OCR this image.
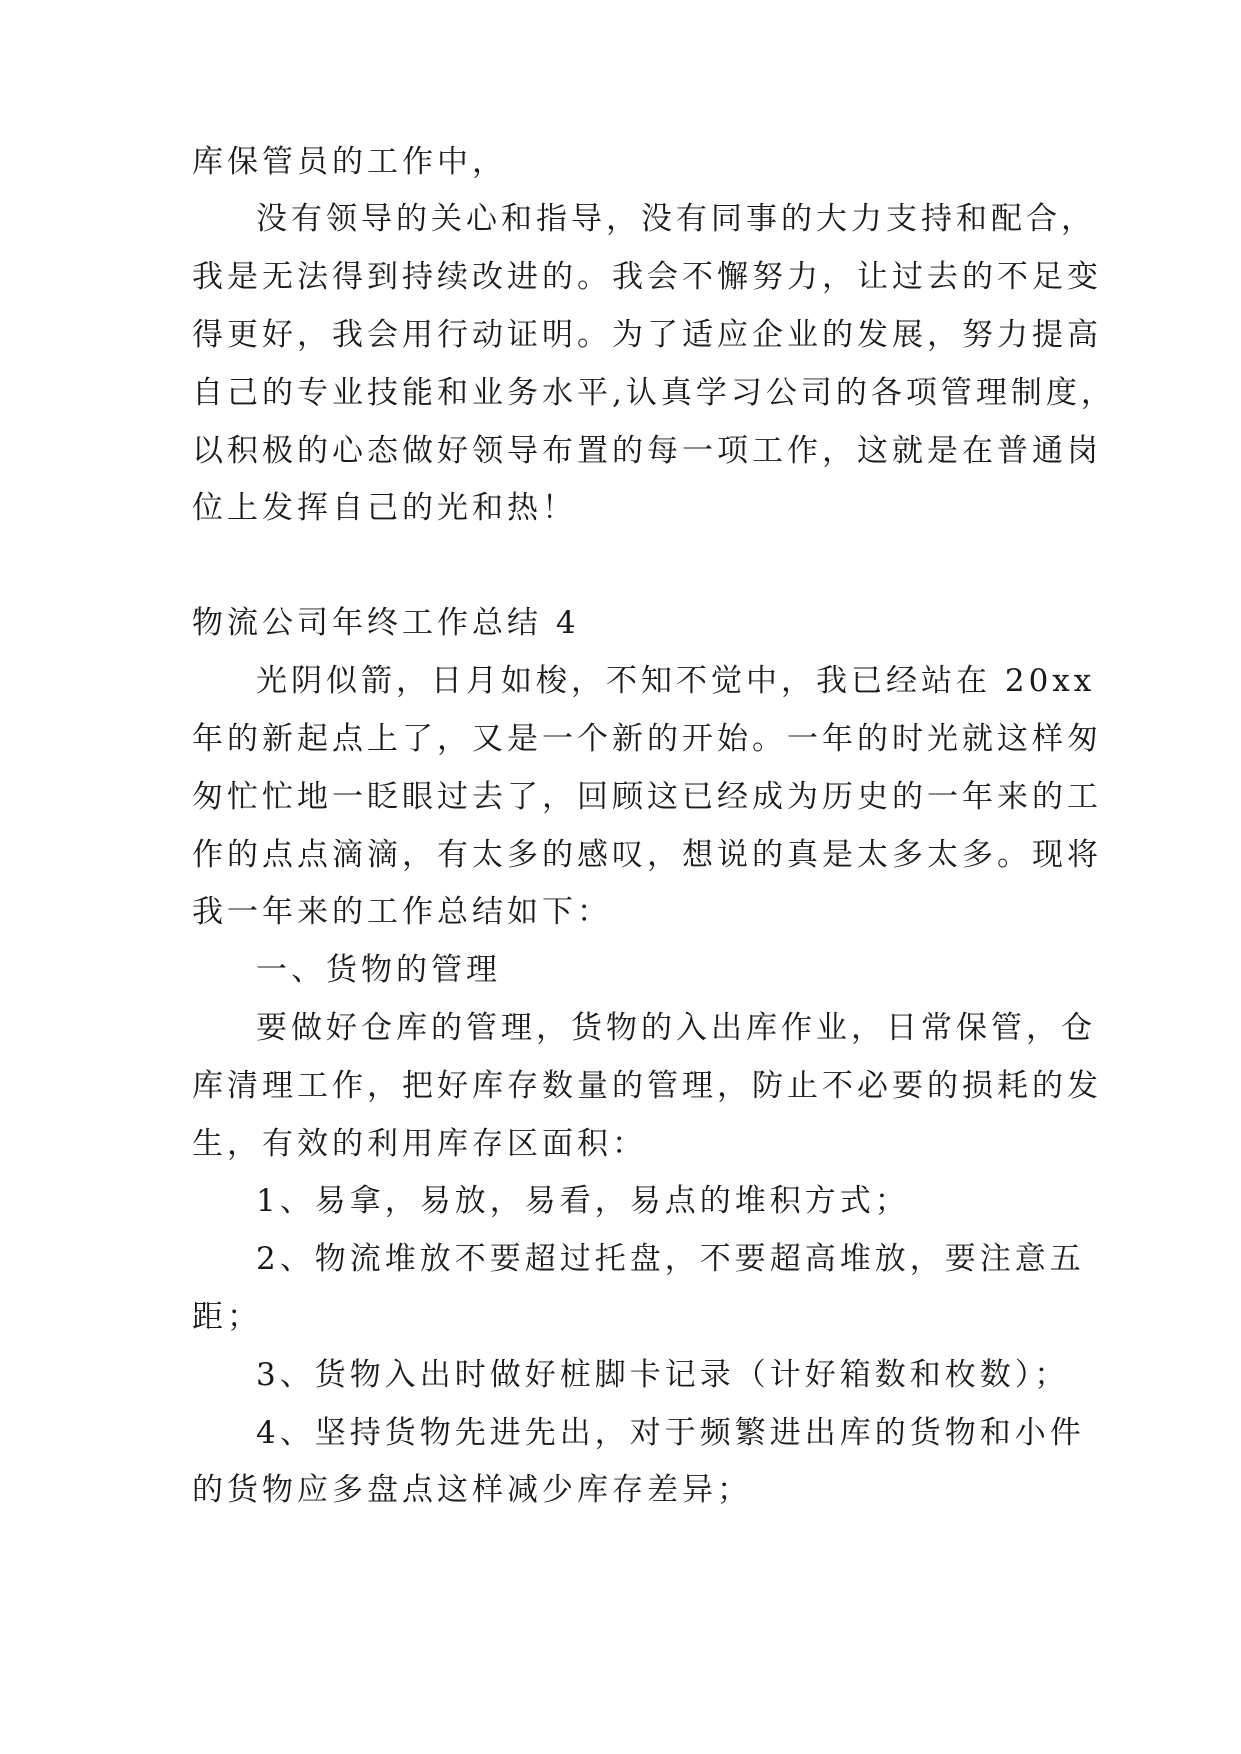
库保管员的工作中，
没有领导的关心和指导，没有同事的大力支持和配合，
我是无法得到持续改进的。我会不懈努力，让过去的不足变
得更好，我会用行动证明。为了适应企业的发展，努力提高
自己的专业技能和业务水平,认真学习公司的各项管理制度，
以积极的心态做好领导布置的每一项工作，这就是在普通岗
位上发挥自己的光和热！
物流公司年终工作总结 4
光阴似箭，日月如梭，不知不觉中，我已经站在 20xx
年的新起点上了，又是一个新的开始。一年的时光就这样匆
匆忙忙地一眨眼过去了，回顾这已经成为历史的一年来的工
作的点点滴滴，有太多的感叹，想说的真是太多太多。现将
我一年来的工作总结如下：
一、货物的管理
要做好仓库的管理，货物的入出库作业，日常保管，仓
库清理工作，把好库存数量的管理，防止不必要的损耗的发
生，有效的利用库存区面积：
1、易拿，易放，易看，易点的堆积方式；
2、物流堆放不要超过托盘，不要超高堆放，要注意五
距；
3、货物入出时做好桩脚卡记录（计好箱数和枚数）；
4、坚持货物先进先出，对于频繁进出库的货物和小件
的货物应多盘点这样减少库存差异；
